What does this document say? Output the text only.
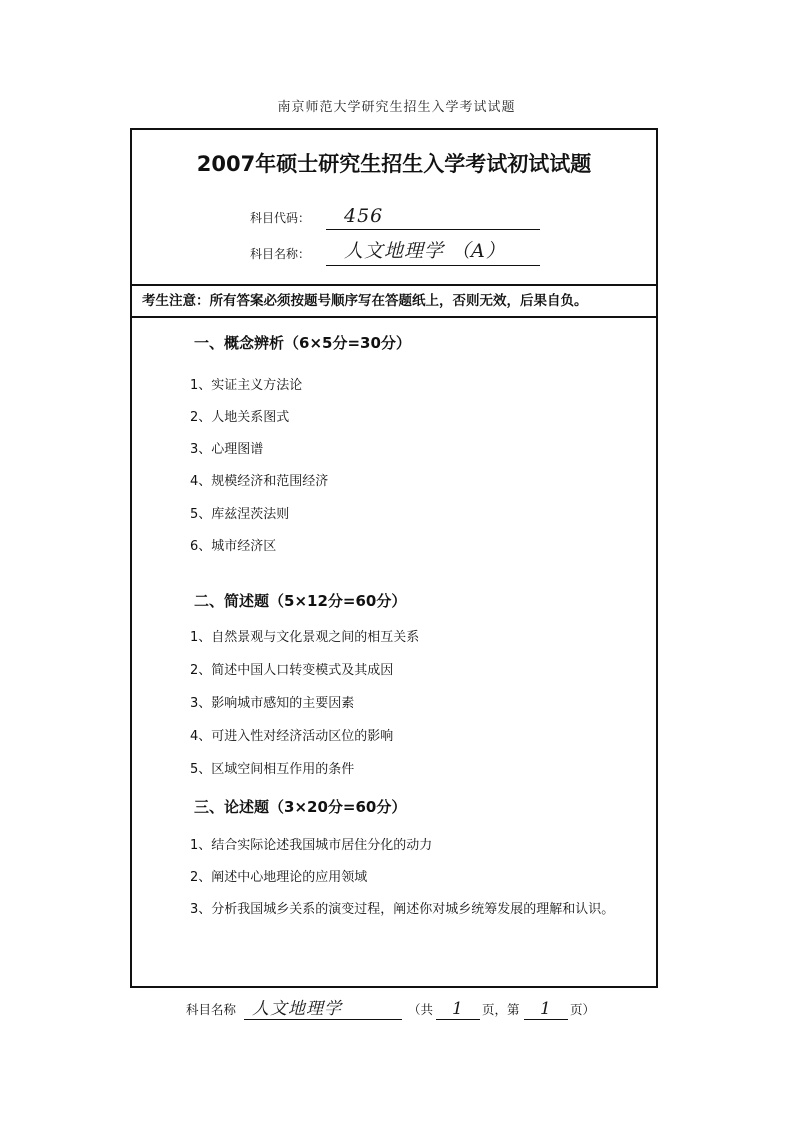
南京师范大学研究生招生入学考试试题
2007年硕士研究生招生入学考试初试试题
科目代码： 456
科目名称： 人文地理学 （A）
考生注意：所有答案必须按题号顺序写在答题纸上，否则无效，后果自负。
一、概念辨析（6×5分=30分）
1、实证主义方法论
2、人地关系图式
3、心理图谱
4、规模经济和范围经济
5、库兹涅茨法则
6、城市经济区
二、简述题（5×12分=60分）
1、自然景观与文化景观之间的相互关系
2、简述中国人口转变模式及其成因
3、影响城市感知的主要因素
4、可进入性对经济活动区位的影响
5、区域空间相互作用的条件
三、论述题（3×20分=60分）
1、结合实际论述我国城市居住分化的动力
2、阐述中心地理论的应用领域
3、分析我国城乡关系的演变过程，阐述你对城乡统筹发展的理解和认识。
科目名称 人文地理学	（共 1 页，第 1 页）
